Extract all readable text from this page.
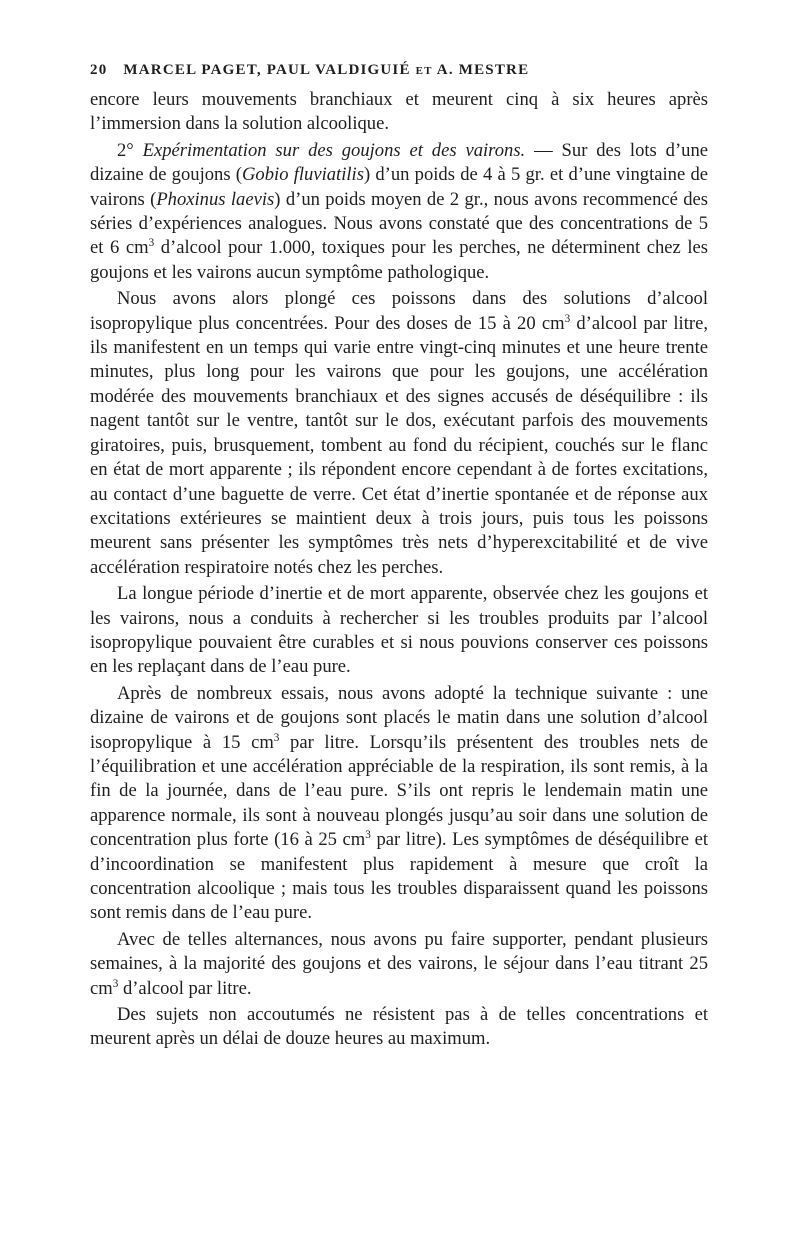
20 MARCEL PAGET, PAUL VALDIGUIÉ et A. MESTRE

encore leurs mouvements branchiaux et meurent cinq à six heures après l’immersion dans la solution alcoolique.

2° Expérimentation sur des goujons et des vairons. — Sur des lots d’une dizaine de goujons (Gobio fluviatilis) d’un poids de 4 à 5 gr. et d’une vingtaine de vairons (Phoxinus laevis) d’un poids moyen de 2 gr., nous avons recommencé des séries d’expériences analogues. Nous avons constaté que des concentrations de 5 et 6 $cm^3$ d’alcool pour 1.000, toxiques pour les perches, ne déterminent chez les goujons et les vairons aucun symptôme pathologique.

Nous avons alors plongé ces poissons dans des solutions d’alcool isopropylique plus concentrées. Pour des doses de 15 à 20 $cm^3$ d’alcool par litre, ils manifestent en un temps qui varie entre vingt-cinq minutes et une heure trente minutes, plus long pour les vairons que pour les goujons, une accélération modérée des mouvements branchiaux et des signes accusés de déséquilibre : ils nagent tantôt sur le ventre, tantôt sur le dos, exécutant parfois des mouvements giratoires, puis, brusquement, tombent au fond du récipient, couchés sur le flanc en état de mort apparente ; ils répondent encore cependant à de fortes excitations, au contact d’une baguette de verre. Cet état d’inertie spontanée et de réponse aux excitations extérieures se maintient deux à trois jours, puis tous les poissons meurent sans présenter les symptômes très nets d’hyperexcitabilité et de vive accélération respiratoire notés chez les perches.

La longue période d’inertie et de mort apparente, observée chez les goujons et les vairons, nous a conduits à rechercher si les troubles produits par l’alcool isopropylique pouvaient être curables et si nous pouvions conserver ces poissons en les replaçant dans de l’eau pure.

Après de nombreux essais, nous avons adopté la technique suivante : une dizaine de vairons et de goujons sont placés le matin dans une solution d’alcool isopropylique à 15 $cm^3$ par litre. Lorsqu’ils présentent des troubles nets de l’équilibration et une accélération appréciable de la respiration, ils sont remis, à la fin de la journée, dans de l’eau pure. S’ils ont repris le lendemain matin une apparence normale, ils sont à nouveau plongés jusqu’au soir dans une solution de concentration plus forte (16 à 25 $cm^3$ par litre). Les symptômes de déséquilibre et d’incoordination se manifestent plus rapidement à mesure que croît la concentration alcoolique ; mais tous les troubles disparaissent quand les poissons sont remis dans de l’eau pure.

Avec de telles alternances, nous avons pu faire supporter, pendant plusieurs semaines, à la majorité des goujons et des vairons, le séjour dans l’eau titrant 25 $cm^3$ d’alcool par litre.

Des sujets non accoutumés ne résistent pas à de telles concentrations et meurent après un délai de douze heures au maximum.
